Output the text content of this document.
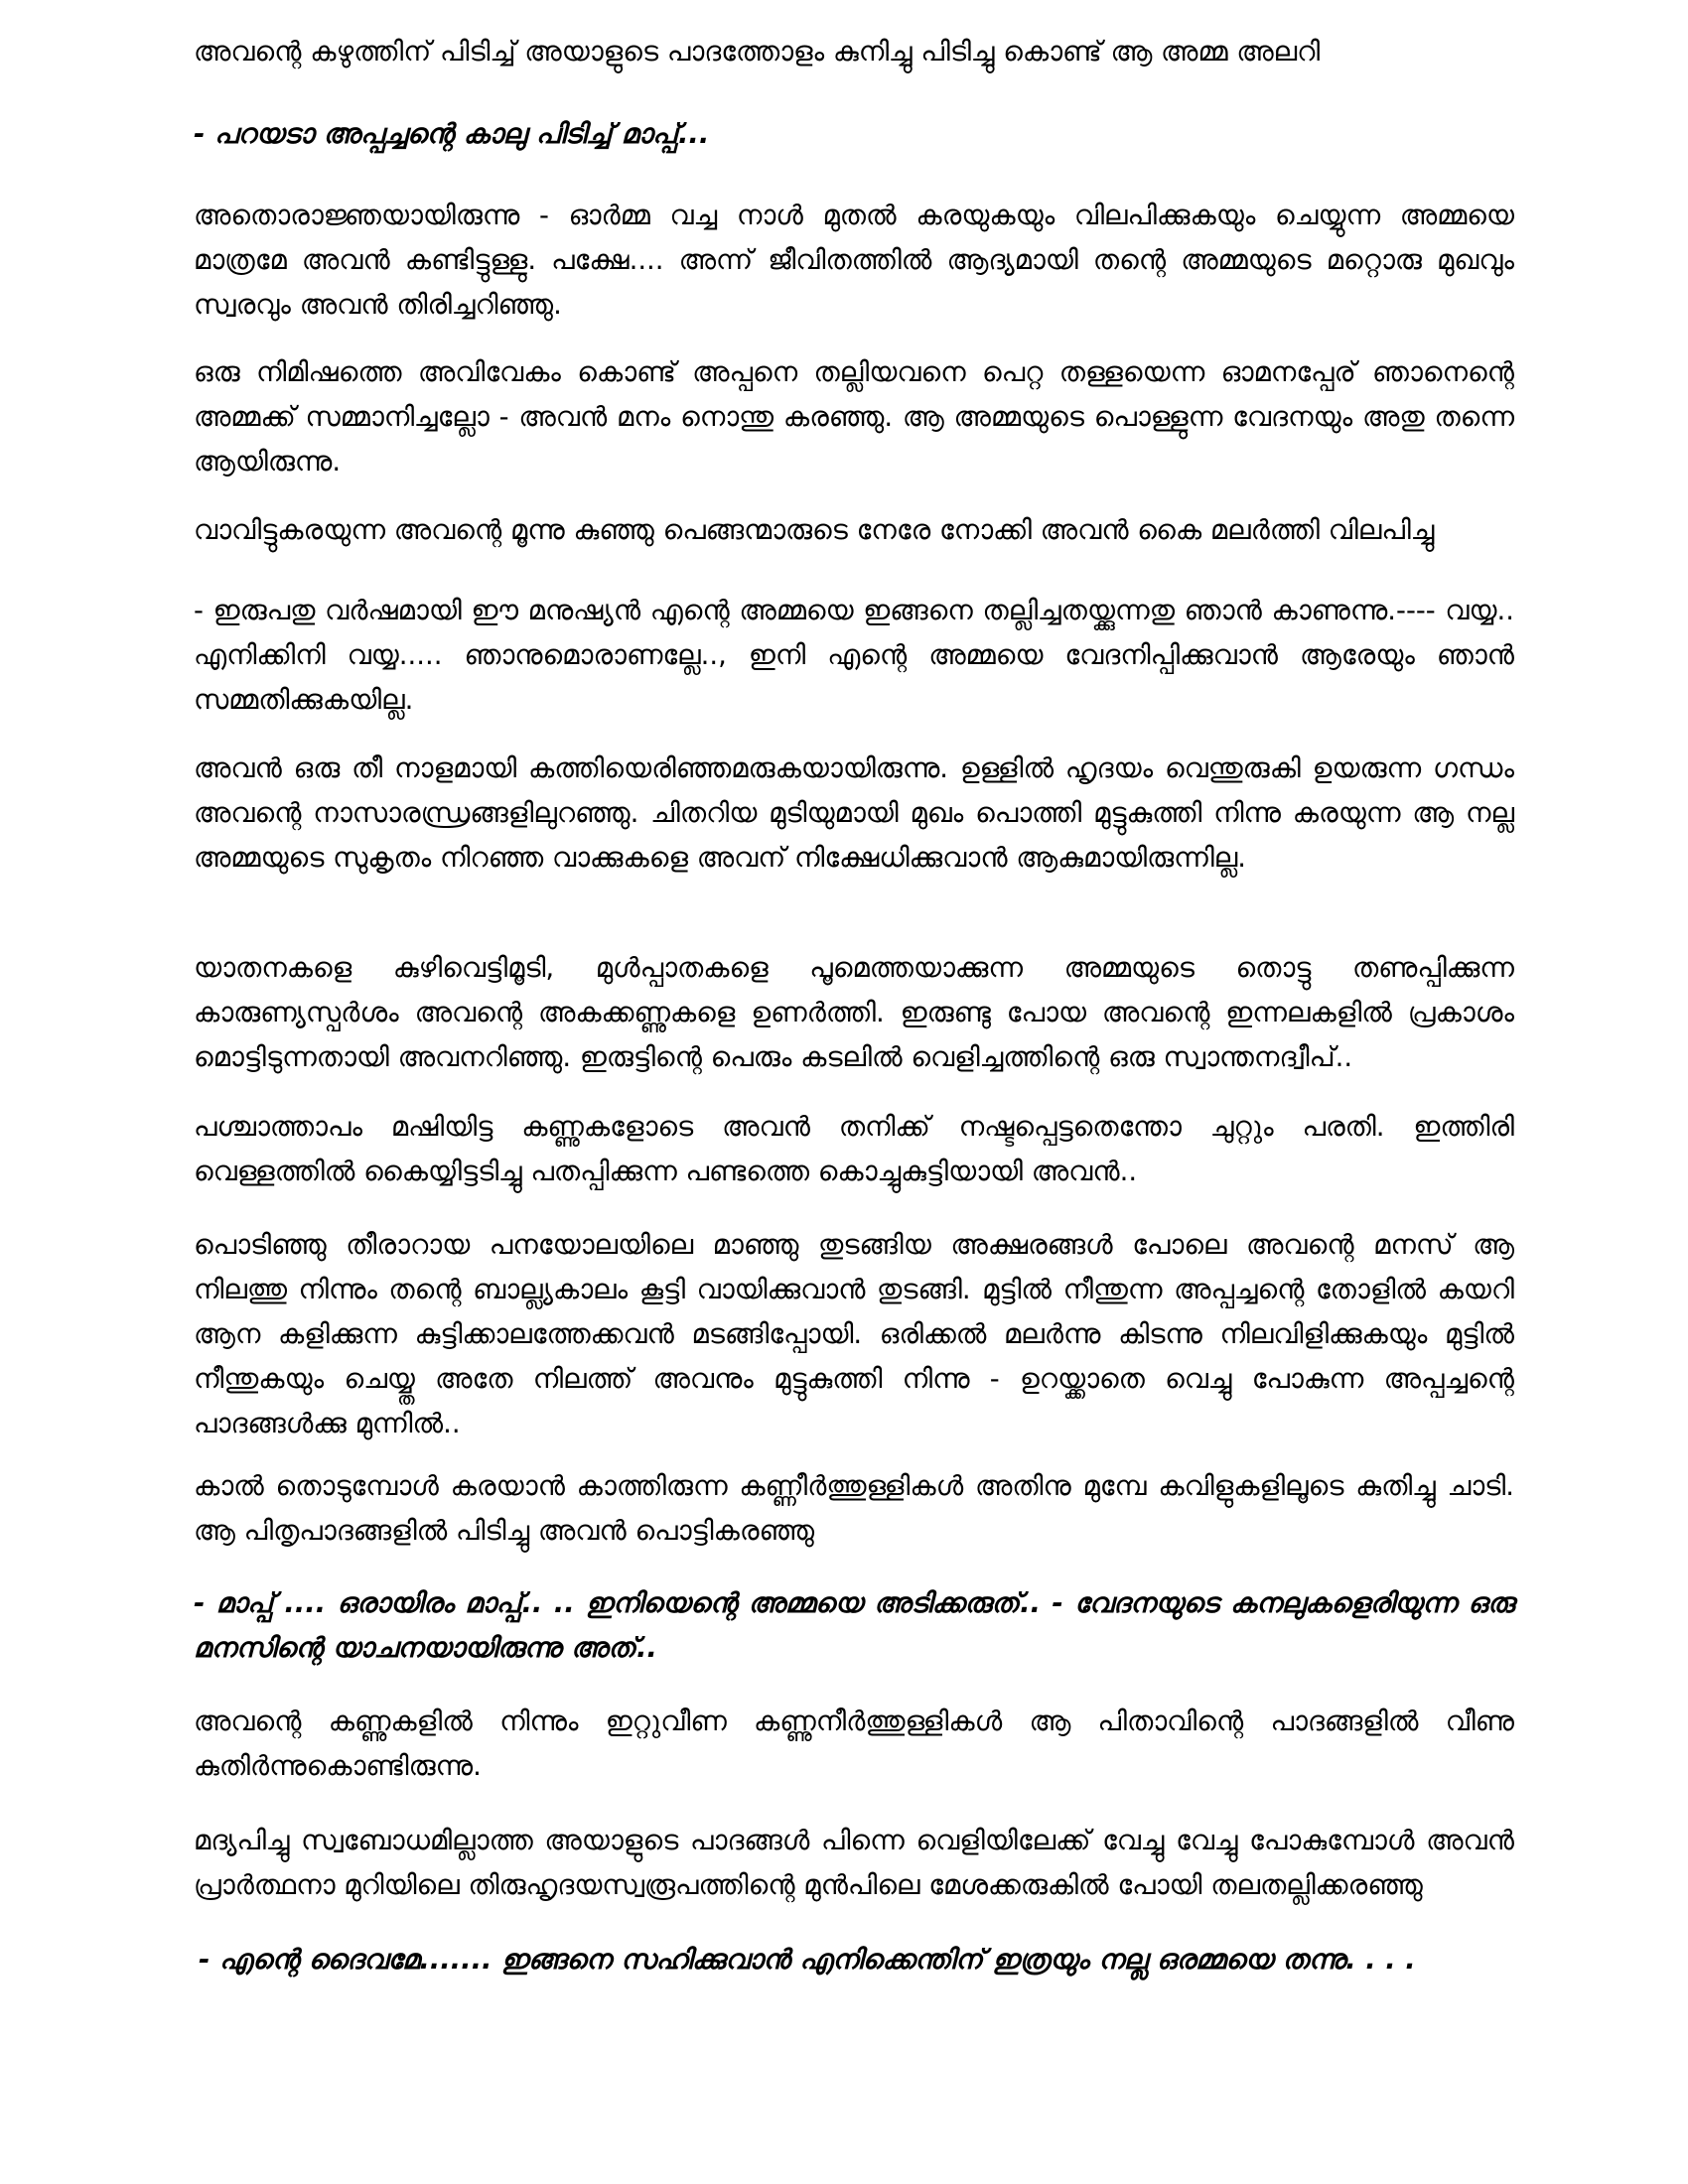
അവന്റെ കഴുത്തിന് പിടിച്ച് അയാളുടെ പാദത്തോളം കുനിച്ചു പിടിച്ചു കൊണ്ട് ആ അമ്മ അലറി

- പറയടാ അപ്പച്ചന്റെ കാലു പിടിച്ച് മാപ്പ്...

അതൊരാജ്ഞയായിരുന്നു - ഓർമ്മ വച്ച നാൾ മുതൽ കരയുകയും വിലപിക്കുകയും ചെയ്യുന്ന അമ്മയെ മാത്രമേ അവൻ കണ്ടിട്ടുള്ളു. പക്ഷേ.... അന്ന് ജീവിതത്തിൽ ആദ്യമായി തന്റെ അമ്മയുടെ മറ്റൊരു മുഖവും സ്വരവും അവൻ തിരിച്ചറിഞ്ഞു.

ഒരു നിമിഷത്തെ അവിവേകം കൊണ്ട് അപ്പനെ തല്ലിയവനെ പെറ്റ തള്ളയെന്ന ഓമനപ്പേര് ഞാനെന്റെ അമ്മക്ക് സമ്മാനിച്ചല്ലോ - അവൻ മനം നൊന്തു കരഞ്ഞു. ആ അമ്മയുടെ പൊള്ളുന്ന വേദനയും അതു തന്നെ ആയിരുന്നു.

വാവിട്ടുകരയുന്ന അവന്റെ മൂന്നു കുഞ്ഞു പെങ്ങന്മാരുടെ നേരേ നോക്കി അവൻ കൈ മലർത്തി വിലപിച്ചു

- ഇരുപതു വർഷമായി ഈ മനുഷ്യൻ എന്റെ അമ്മയെ ഇങ്ങനെ തല്ലിച്ചതയ്ക്കുന്നതു ഞാൻ കാണുന്നു.---- വയ്യ.. എനിക്കിനി വയ്യ..... ഞാനുമൊരാണല്ലേ.., ഇനി എന്റെ അമ്മയെ വേദനിപ്പിക്കുവാൻ ആരേയും ഞാൻ സമ്മതിക്കുകയില്ല.

അവൻ ഒരു തീ നാളമായി കത്തിയെരിഞ്ഞമരുകയായിരുന്നു. ഉള്ളിൽ ഹൃദയം വെന്തുരുകി ഉയരുന്ന ഗന്ധം അവന്റെ നാസാരന്ധ്രങ്ങളിലുറഞ്ഞു. ചിതറിയ മുടിയുമായി മുഖം പൊത്തി മുട്ടുകുത്തി നിന്നു കരയുന്ന ആ നല്ല അമ്മയുടെ സുകൃതം നിറഞ്ഞ വാക്കുകളെ അവന് നിക്ഷേധിക്കുവാൻ ആകുമായിരുന്നില്ല.

യാതനകളെ കുഴിവെട്ടിമൂടി, മുൾപ്പാതകളെ പൂമെത്തയാക്കുന്ന അമ്മയുടെ തൊട്ടു തണുപ്പിക്കുന്ന കാരുണ്യസ്പർശം അവന്റെ അകക്കണ്ണുകളെ ഉണർത്തി. ഇരുണ്ടു പോയ അവന്റെ ഇന്നലകളിൽ പ്രകാശം മൊട്ടിടുന്നതായി അവനറിഞ്ഞു. ഇരുട്ടിന്റെ പെരും കടലിൽ വെളിച്ചത്തിന്റെ ഒരു സ്വാന്തനദ്വീപ്..

പശ്ചാത്താപം മഷിയിട്ട കണ്ണുകളോടെ അവൻ തനിക്ക് നഷ്ടപ്പെട്ടതെന്തോ ചുറ്റും പരതി. ഇത്തിരി വെള്ളത്തിൽ കൈയ്യിട്ടടിച്ചു പതപ്പിക്കുന്ന പണ്ടത്തെ കൊച്ചുകുട്ടിയായി അവൻ..

പൊടിഞ്ഞു തീരാറായ പനയോലയിലെ മാഞ്ഞു തുടങ്ങിയ അക്ഷരങ്ങൾ പോലെ അവന്റെ മനസ് ആ നിലത്തു നിന്നും തന്റെ ബാല്ല്യകാലം കൂട്ടി വായിക്കുവാൻ തുടങ്ങി. മുട്ടിൽ നീന്തുന്ന അപ്പച്ചന്റെ തോളിൽ കയറി ആന കളിക്കുന്ന കുട്ടിക്കാലത്തേക്കവൻ മടങ്ങിപ്പോയി. ഒരിക്കൽ മലർന്നു കിടന്നു നിലവിളിക്കുകയും മുട്ടിൽ നീന്തുകയും ചെയ്യ്ത അതേ നിലത്ത് അവനും മുട്ടുകുത്തി നിന്നു - ഉറയ്ക്കാതെ വെച്ചു പോകുന്ന അപ്പച്ചന്റെ പാദങ്ങൾക്കു മുന്നിൽ..

കാൽ തൊടുമ്പോൾ കരയാൻ കാത്തിരുന്ന കണ്ണീർത്തുള്ളികൾ അതിനു മുമ്പേ കവിളുകളിലൂടെ കുതിച്ചു ചാടി. ആ പിതൃപാദങ്ങളിൽ പിടിച്ചു അവൻ പൊട്ടികരഞ്ഞു

- മാപ്പ് .... ഒരായിരം മാപ്പ്.. .. ഇനിയെന്റെ അമ്മയെ അടിക്കരുത്.. - വേദനയുടെ കനലുകളെരിയുന്ന ഒരു മനസിന്റെ യാചനയായിരുന്നു അത്..

അവന്റെ കണ്ണുകളിൽ നിന്നും ഇറ്റുവീണ കണ്ണുനീർത്തുള്ളികൾ ആ പിതാവിന്റെ പാദങ്ങളിൽ വീണു കുതിർന്നുകൊണ്ടിരുന്നു.

മദ്യപിച്ചു സ്വബോധമില്ലാത്ത അയാളുടെ പാദങ്ങൾ പിന്നെ വെളിയിലേക്ക് വേച്ചു വേച്ചു പോകുമ്പോൾ അവൻ പ്രാർത്ഥനാ മുറിയിലെ തിരുഹൃദയസ്വരൂപത്തിന്റെ മുൻപിലെ മേശക്കരുകിൽ പോയി തലതല്ലിക്കരഞ്ഞു

- എന്റെ ദൈവമേ....... ഇങ്ങനെ സഹിക്കുവാൻ എനിക്കെന്തിന് ഇത്രയും നല്ല ഒരമ്മയെ തന്നു. . . .
